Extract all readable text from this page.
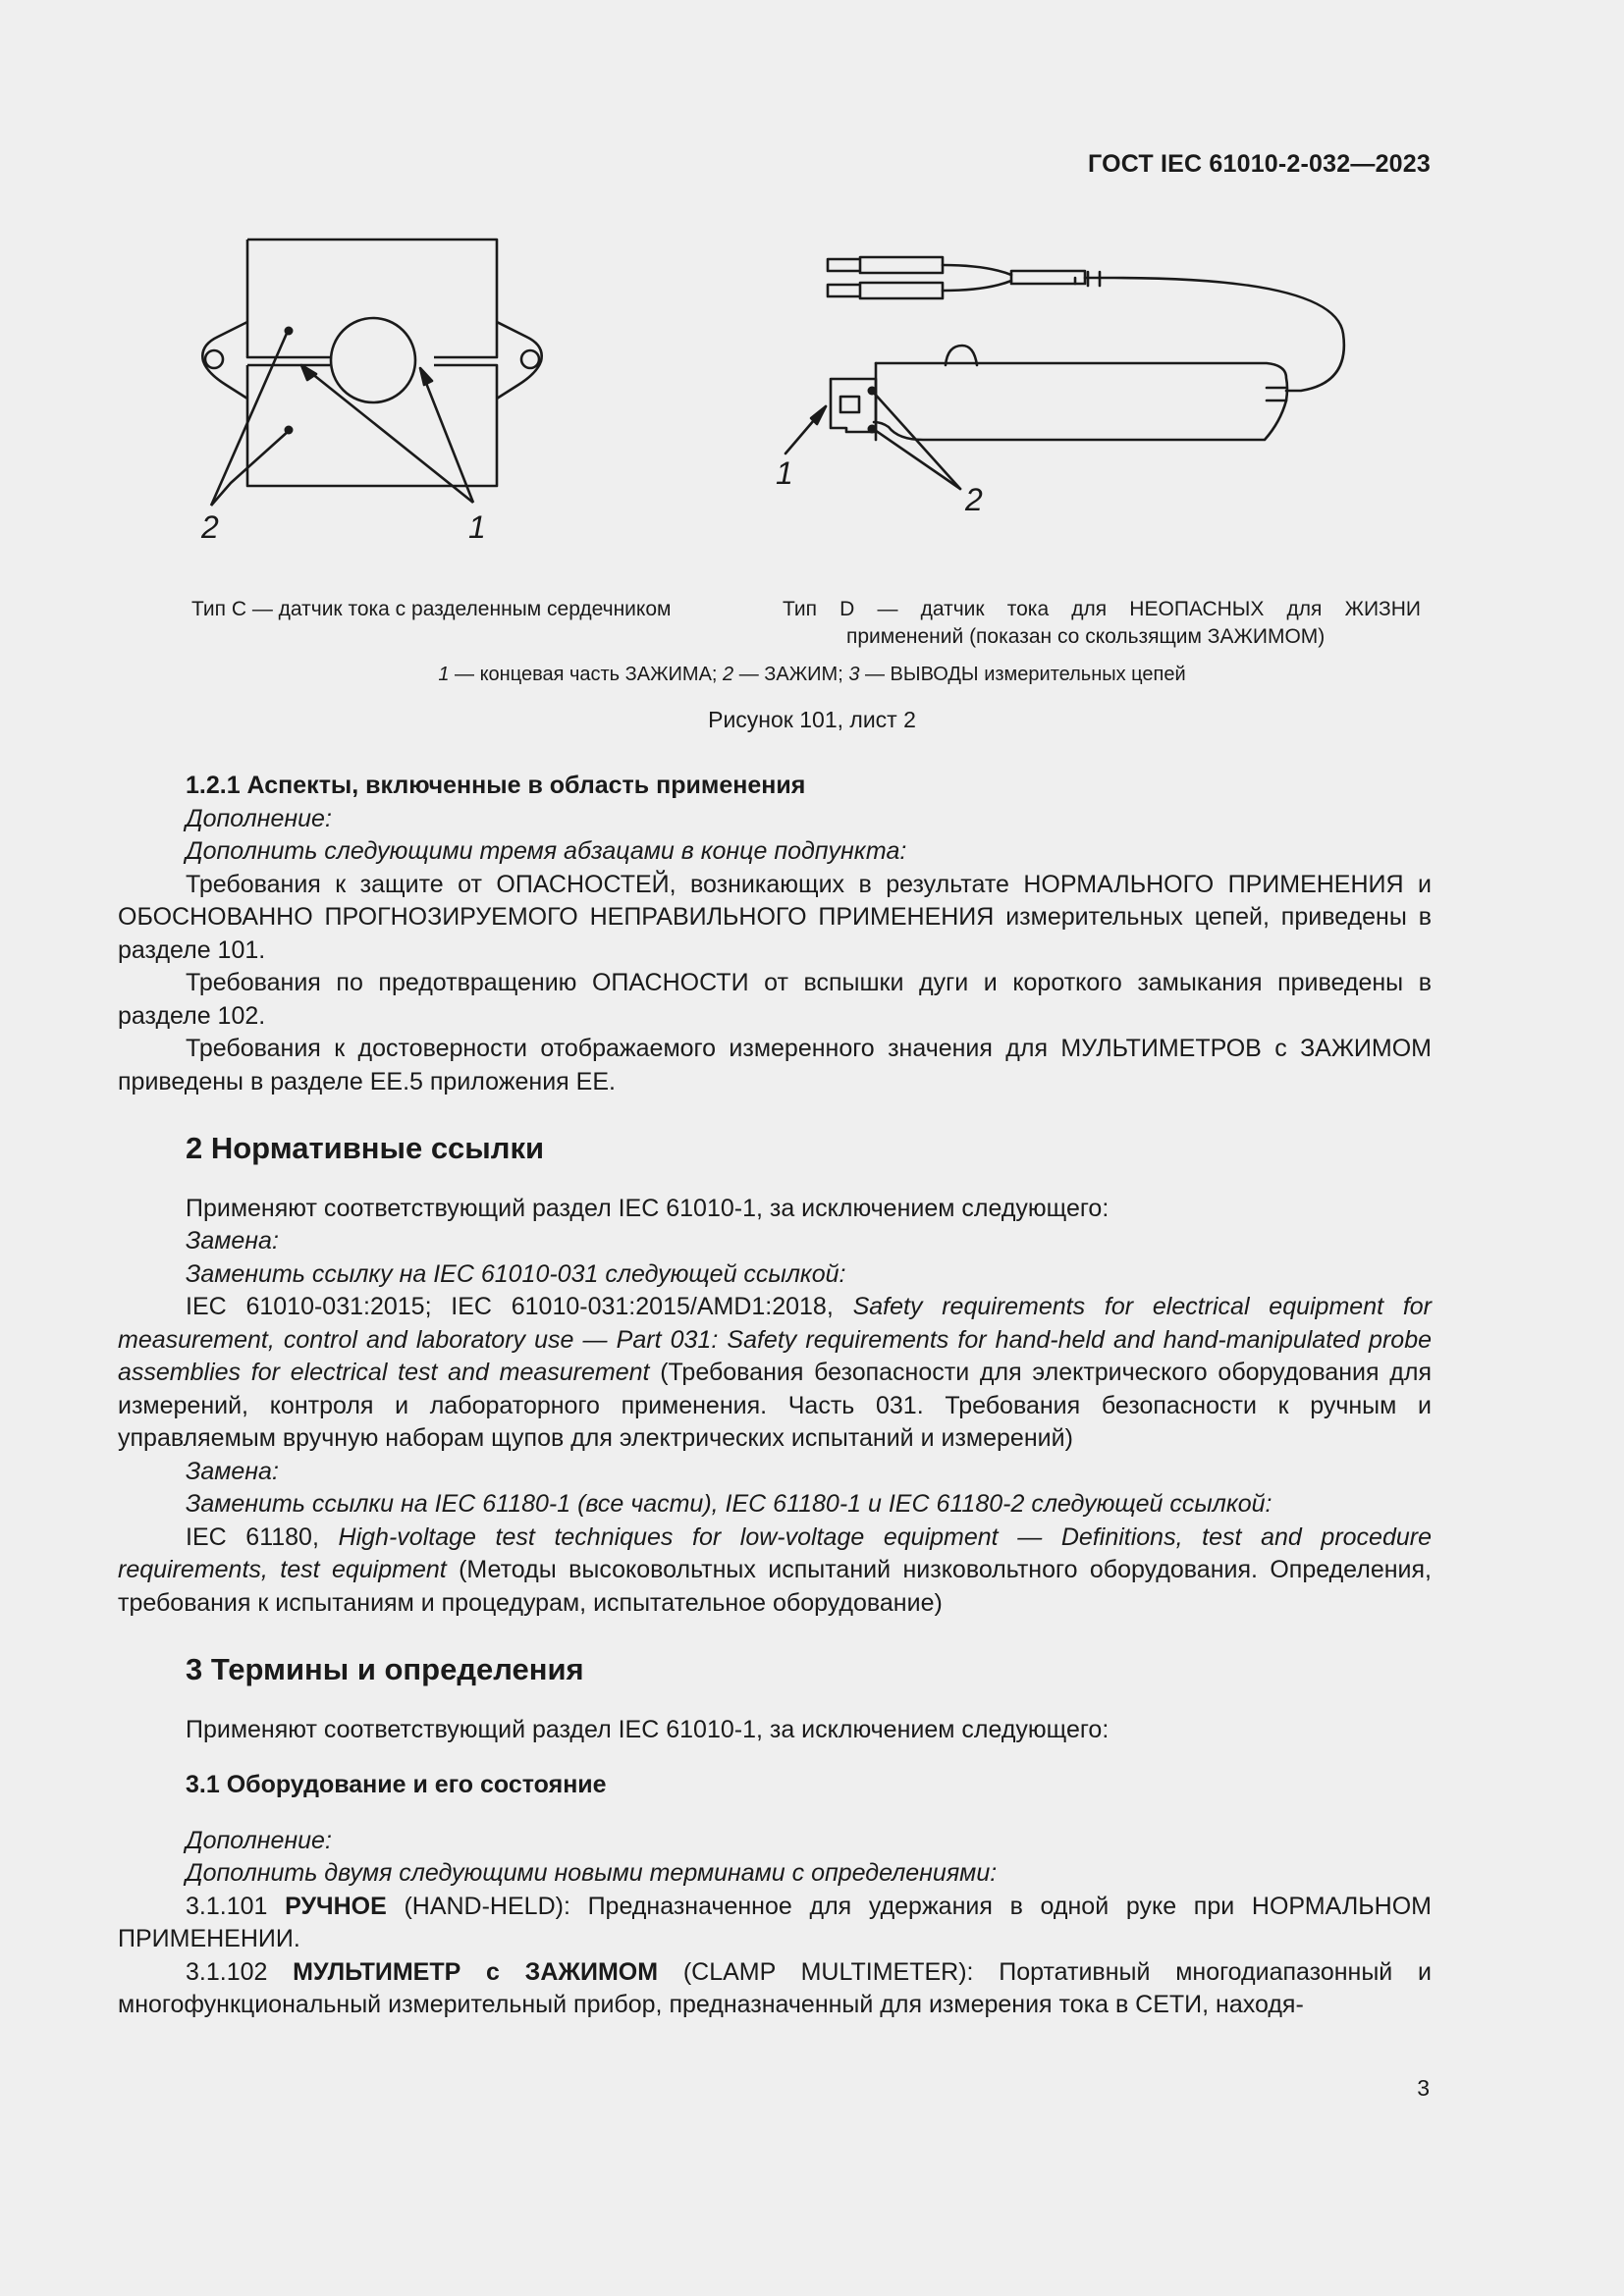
ГОСТ IEC 61010-2-032—2023
2	1
1
2
Тип C — датчик тока с разделенным сердечником	Тип D — датчик тока для НЕОПАСНЫХ для ЖИЗНИ
применений (показан со скользящим ЗАЖИМОМ)
1 — концевая часть ЗАЖИМА; 2 — ЗАЖИМ; 3 — ВЫВОДЫ измерительных цепей
Рисунок 101, лист 2

1.2.1 Аспекты, включенные в область применения

Дополнение:

Дополнить следующими тремя абзацами в конце подпункта:

Требования к защите от ОПАСНОСТЕЙ, возникающих в результате НОРМАЛЬНОГО ПРИМЕНЕНИЯ и ОБОСНОВАННО ПРОГНОЗИРУЕМОГО НЕПРАВИЛЬНОГО ПРИМЕНЕНИЯ измерительных цепей, приведены в разделе 101.

Требования по предотвращению ОПАСНОСТИ от вспышки дуги и короткого замыкания приведены в разделе 102.

Требования к достоверности отображаемого измеренного значения для МУЛЬТИМЕТРОВ с ЗАЖИМОМ приведены в разделе ЕЕ.5 приложения ЕЕ.

2 Нормативные ссылки

Применяют соответствующий раздел IEC 61010-1, за исключением следующего:

Замена:

Заменить ссылку на IEC 61010-031 следующей ссылкой:

IEC 61010-031:2015; IEC 61010-031:2015/AMD1:2018, Safety requirements for electrical equipment for measurement, control and laboratory use — Part 031: Safety requirements for hand-held and hand-manipulated probe assemblies for electrical test and measurement (Требования безопасности для электрического оборудования для измерений, контроля и лабораторного применения. Часть 031. Требования безопасности к ручным и управляемым вручную наборам щупов для электрических испытаний и измерений)

Замена:

Заменить ссылки на IEC 61180-1 (все части), IEC 61180-1 и IEC 61180-2 следующей ссылкой:

IEC 61180, High-voltage test techniques for low-voltage equipment — Definitions, test and procedure requirements, test equipment (Методы высоковольтных испытаний низковольтного оборудования. Определения, требования к испытаниям и процедурам, испытательное оборудование)

3 Термины и определения

Применяют соответствующий раздел IEC 61010-1, за исключением следующего:

3.1 Оборудование и его состояние

Дополнение:

Дополнить двумя следующими новыми терминами с определениями:

3.1.101 РУЧНОЕ (HAND-HELD): Предназначенное для удержания в одной руке при НОРМАЛЬНОМ ПРИМЕНЕНИИ.

3.1.102 МУЛЬТИМЕТР с ЗАЖИМОМ (CLAMP MULTIMETER): Портативный многодиапазонный и многофункциональный измерительный прибор, предназначенный для измерения тока в СЕТИ, находя-

3
